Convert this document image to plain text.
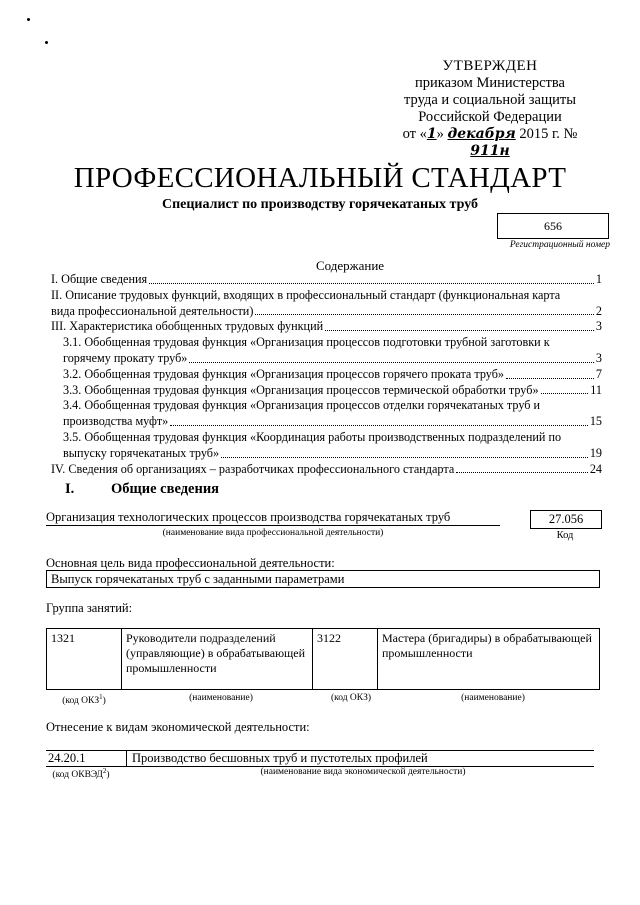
УТВЕРЖДЕН
приказом Министерства
труда и социальной защиты
Российской Федерации
от «1» декабря 2015 г. № 911н
ПРОФЕССИОНАЛЬНЫЙ СТАНДАРТ
Специалист по производству горячекатаных труб
656
Регистрационный номер
Содержание
I. Общие сведения	1
II. Описание трудовых функций, входящих в профессиональный стандарт (функциональная карта
вида профессиональной деятельности)	2
III. Характеристика обобщенных трудовых функций	3
3.1. Обобщенная трудовая функция «Организация процессов подготовки трубной заготовки к
горячему прокату труб»	3
3.2. Обобщенная трудовая функция «Организация процессов горячего проката труб»	7
3.3. Обобщенная трудовая функция «Организация процессов термической обработки труб»	11
3.4. Обобщенная трудовая функция «Организация процессов отделки горячекатаных труб и
производства муфт»	15
3.5. Обобщенная трудовая функция «Координация работы производственных подразделений по
выпуску горячекатаных труб»	19
IV. Сведения об организациях – разработчиках профессионального стандарта	24
I.	Общие сведения
Организация технологических процессов производства горячекатаных труб
(наименование вида профессиональной деятельности)
27.056
Код
Основная цель вида профессиональной деятельности:
Выпуск горячекатаных труб с заданными параметрами
Группа занятий:
1321	Руководители подразделений (управляющие) в обрабатывающей промышленности	3122	Мастера (бригадиры) в обрабатывающей промышленности
(код ОКЗ$^1$)	(наименование)	(код ОКЗ)	(наименование)
Отнесение к видам экономической деятельности:
24.20.1	Производство бесшовных труб и пустотелых профилей
(код ОКВЭД$^2$)	(наименование вида экономической деятельности)
